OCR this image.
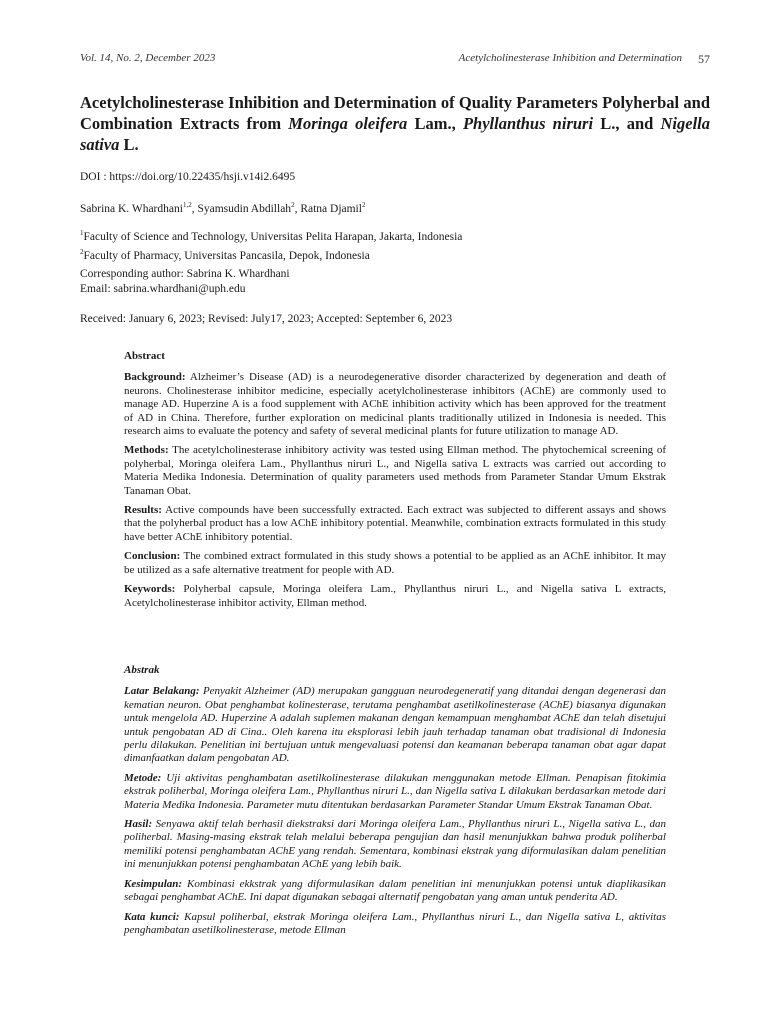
Vol. 14, No. 2, December 2023	Acetylcholinesterase Inhibition and Determination 57
Acetylcholinesterase Inhibition and Determination of Quality Parameters Polyherbal and Combination Extracts from Moringa oleifera Lam., Phyllanthus niruri L., and Nigella sativa L.
DOI : https://doi.org/10.22435/hsji.v14i2.6495
Sabrina K. Whardhani$^{1,2}$, Syamsudin Abdillah$^2$, Ratna Djamil$^2$
$^1$Faculty of Science and Technology, Universitas Pelita Harapan, Jakarta, Indonesia
$^2$Faculty of Pharmacy, Universitas Pancasila, Depok, Indonesia
Corresponding author: Sabrina K. Whardhani
Email: sabrina.whardhani@uph.edu
Received: January 6, 2023; Revised: July17, 2023; Accepted: September 6, 2023
Abstract

Background: Alzheimer’s Disease (AD) is a neurodegenerative disorder characterized by degeneration and death of neurons. Cholinesterase inhibitor medicine, especially acetylcholinesterase inhibitors (AChE) are commonly used to manage AD. Huperzine A is a food supplement with AChE inhibition activity which has been approved for the treatment of AD in China. Therefore, further exploration on medicinal plants traditionally utilized in Indonesia is needed. This research aims to evaluate the potency and safety of several medicinal plants for future utilization to manage AD.

Methods: The acetylcholinesterase inhibitory activity was tested using Ellman method. The phytochemical screening of polyherbal, Moringa oleifera Lam., Phyllanthus niruri L., and Nigella sativa L extracts was carried out according to Materia Medika Indonesia. Determination of quality parameters used methods from Parameter Standar Umum Ekstrak Tanaman Obat.

Results: Active compounds have been successfully extracted. Each extract was subjected to different assays and shows that the polyherbal product has a low AChE inhibitory potential. Meanwhile, combination extracts formulated in this study have better AChE inhibitory potential.

Conclusion: The combined extract formulated in this study shows a potential to be applied as an AChE inhibitor. It may be utilized as a safe alternative treatment for people with AD.

Keywords: Polyherbal capsule, Moringa oleifera Lam., Phyllanthus niruri L., and Nigella sativa L extracts, Acetylcholinesterase inhibitor activity, Ellman method.

Abstrak

Latar Belakang: Penyakit Alzheimer (AD) merupakan gangguan neurodegeneratif yang ditandai dengan degenerasi dan kematian neuron. Obat penghambat kolinesterase, terutama penghambat asetilkolinesterase (AChE) biasanya digunakan untuk mengelola AD. Huperzine A adalah suplemen makanan dengan kemampuan menghambat AChE dan telah disetujui untuk pengobatan AD di Cina.. Oleh karena itu eksplorasi lebih jauh terhadap tanaman obat tradisional di Indonesia perlu dilakukan. Penelitian ini bertujuan untuk mengevaluasi potensi dan keamanan beberapa tanaman obat agar dapat dimanfaatkan dalam pengobatan AD.

Metode: Uji aktivitas penghambatan asetilkolinesterase dilakukan menggunakan metode Ellman. Penapisan fitokimia ekstrak poliherbal, Moringa oleifera Lam., Phyllanthus niruri L., dan Nigella sativa L dilakukan berdasarkan metode dari Materia Medika Indonesia. Parameter mutu ditentukan berdasarkan Parameter Standar Umum Ekstrak Tanaman Obat.

Hasil: Senyawa aktif telah berhasil diekstraksi dari Moringa oleifera Lam., Phyllanthus niruri L., Nigella sativa L., dan poliherbal. Masing-masing ekstrak telah melalui beberapa pengujian dan hasil menunjukkan bahwa produk poliherbal memiliki potensi penghambatan AChE yang rendah. Sementara, kombinasi ekstrak yang diformulasikan dalam penelitian ini menunjukkan potensi penghambatan AChE yang lebih baik.

Kesimpulan: Kombinasi ekkstrak yang diformulasikan dalam penelitian ini menunjukkan potensi untuk diaplikasikan sebagai penghambat AChE. Ini dapat digunakan sebagai alternatif pengobatan yang aman untuk penderita AD.

Kata kunci: Kapsul poliherbal, ekstrak Moringa oleifera Lam., Phyllanthus niruri L., dan Nigella sativa L, aktivitas penghambatan asetilkolinesterase, metode Ellman
